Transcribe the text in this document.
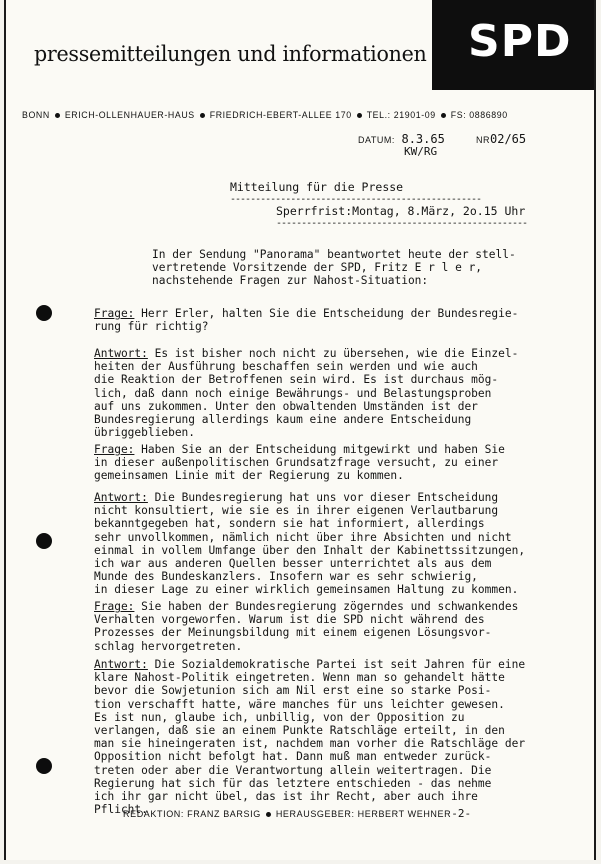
pressemitteilungen und informationen SPD
BONN ERICH-OLLENHAUER-HAUS FRIEDRICH-EBERT-ALLEE 170 TEL.: 21901-09 FS: 0886890
DATUM: 8.3.65
KW/RG
NR02/65
Mitteilung für die Presse
--------------------------------------------------
Sperrfrist:Montag, 8.März, 2o.15 Uhr
--------------------------------------------------
In der Sendung "Panorama" beantwortet heute der stell-
vertretende Vorsitzende der SPD, Fritz E r l e r,
nachstehende Fragen zur Nahost-Situation:
Frage: Herr Erler, halten Sie die Entscheidung der Bundesregie-
rung für richtig?
Antwort: Es ist bisher noch nicht zu übersehen, wie die Einzel-
heiten der Ausführung beschaffen sein werden und wie auch
die Reaktion der Betroffenen sein wird. Es ist durchaus mög-
lich, daß dann noch einige Bewährungs- und Belastungsproben
auf uns zukommen. Unter den obwaltenden Umständen ist der
Bundesregierung allerdings kaum eine andere Entscheidung
übriggeblieben.
Frage: Haben Sie an der Entscheidung mitgewirkt und haben Sie
in dieser außenpolitischen Grundsatzfrage versucht, zu einer
gemeinsamen Linie mit der Regierung zu kommen.
Antwort: Die Bundesregierung hat uns vor dieser Entscheidung
nicht konsultiert, wie sie es in ihrer eigenen Verlautbarung
bekanntgegeben hat, sondern sie hat informiert, allerdings
sehr unvollkommen, nämlich nicht über ihre Absichten und nicht
einmal in vollem Umfange über den Inhalt der Kabinettssitzungen,
ich war aus anderen Quellen besser unterrichtet als aus dem
Munde des Bundeskanzlers. Insofern war es sehr schwierig,
in dieser Lage zu einer wirklich gemeinsamen Haltung zu kommen.
Frage: Sie haben der Bundesregierung zögerndes und schwankendes
Verhalten vorgeworfen. Warum ist die SPD nicht während des
Prozesses der Meinungsbildung mit einem eigenen Lösungsvor-
schlag hervorgetreten.
Antwort: Die Sozialdemokratische Partei ist seit Jahren für eine
klare Nahost-Politik eingetreten. Wenn man so gehandelt hätte
bevor die Sowjetunion sich am Nil erst eine so starke Posi-
tion verschafft hatte, wäre manches für uns leichter gewesen.
Es ist nun, glaube ich, unbillig, von der Opposition zu
verlangen, daß sie an einem Punkte Ratschläge erteilt, in den
man sie hineingeraten ist, nachdem man vorher die Ratschläge der
Opposition nicht befolgt hat. Dann muß man entweder zurück-
treten oder aber die Verantwortung allein weitertragen. Die
Regierung hat sich für das letztere entschieden - das nehme
ich ihr gar nicht übel, das ist ihr Recht, aber auch ihre
Pflicht.
REDAKTION: FRANZ BARSIG HERAUSGEBER: HERBERT WEHNER-2-
